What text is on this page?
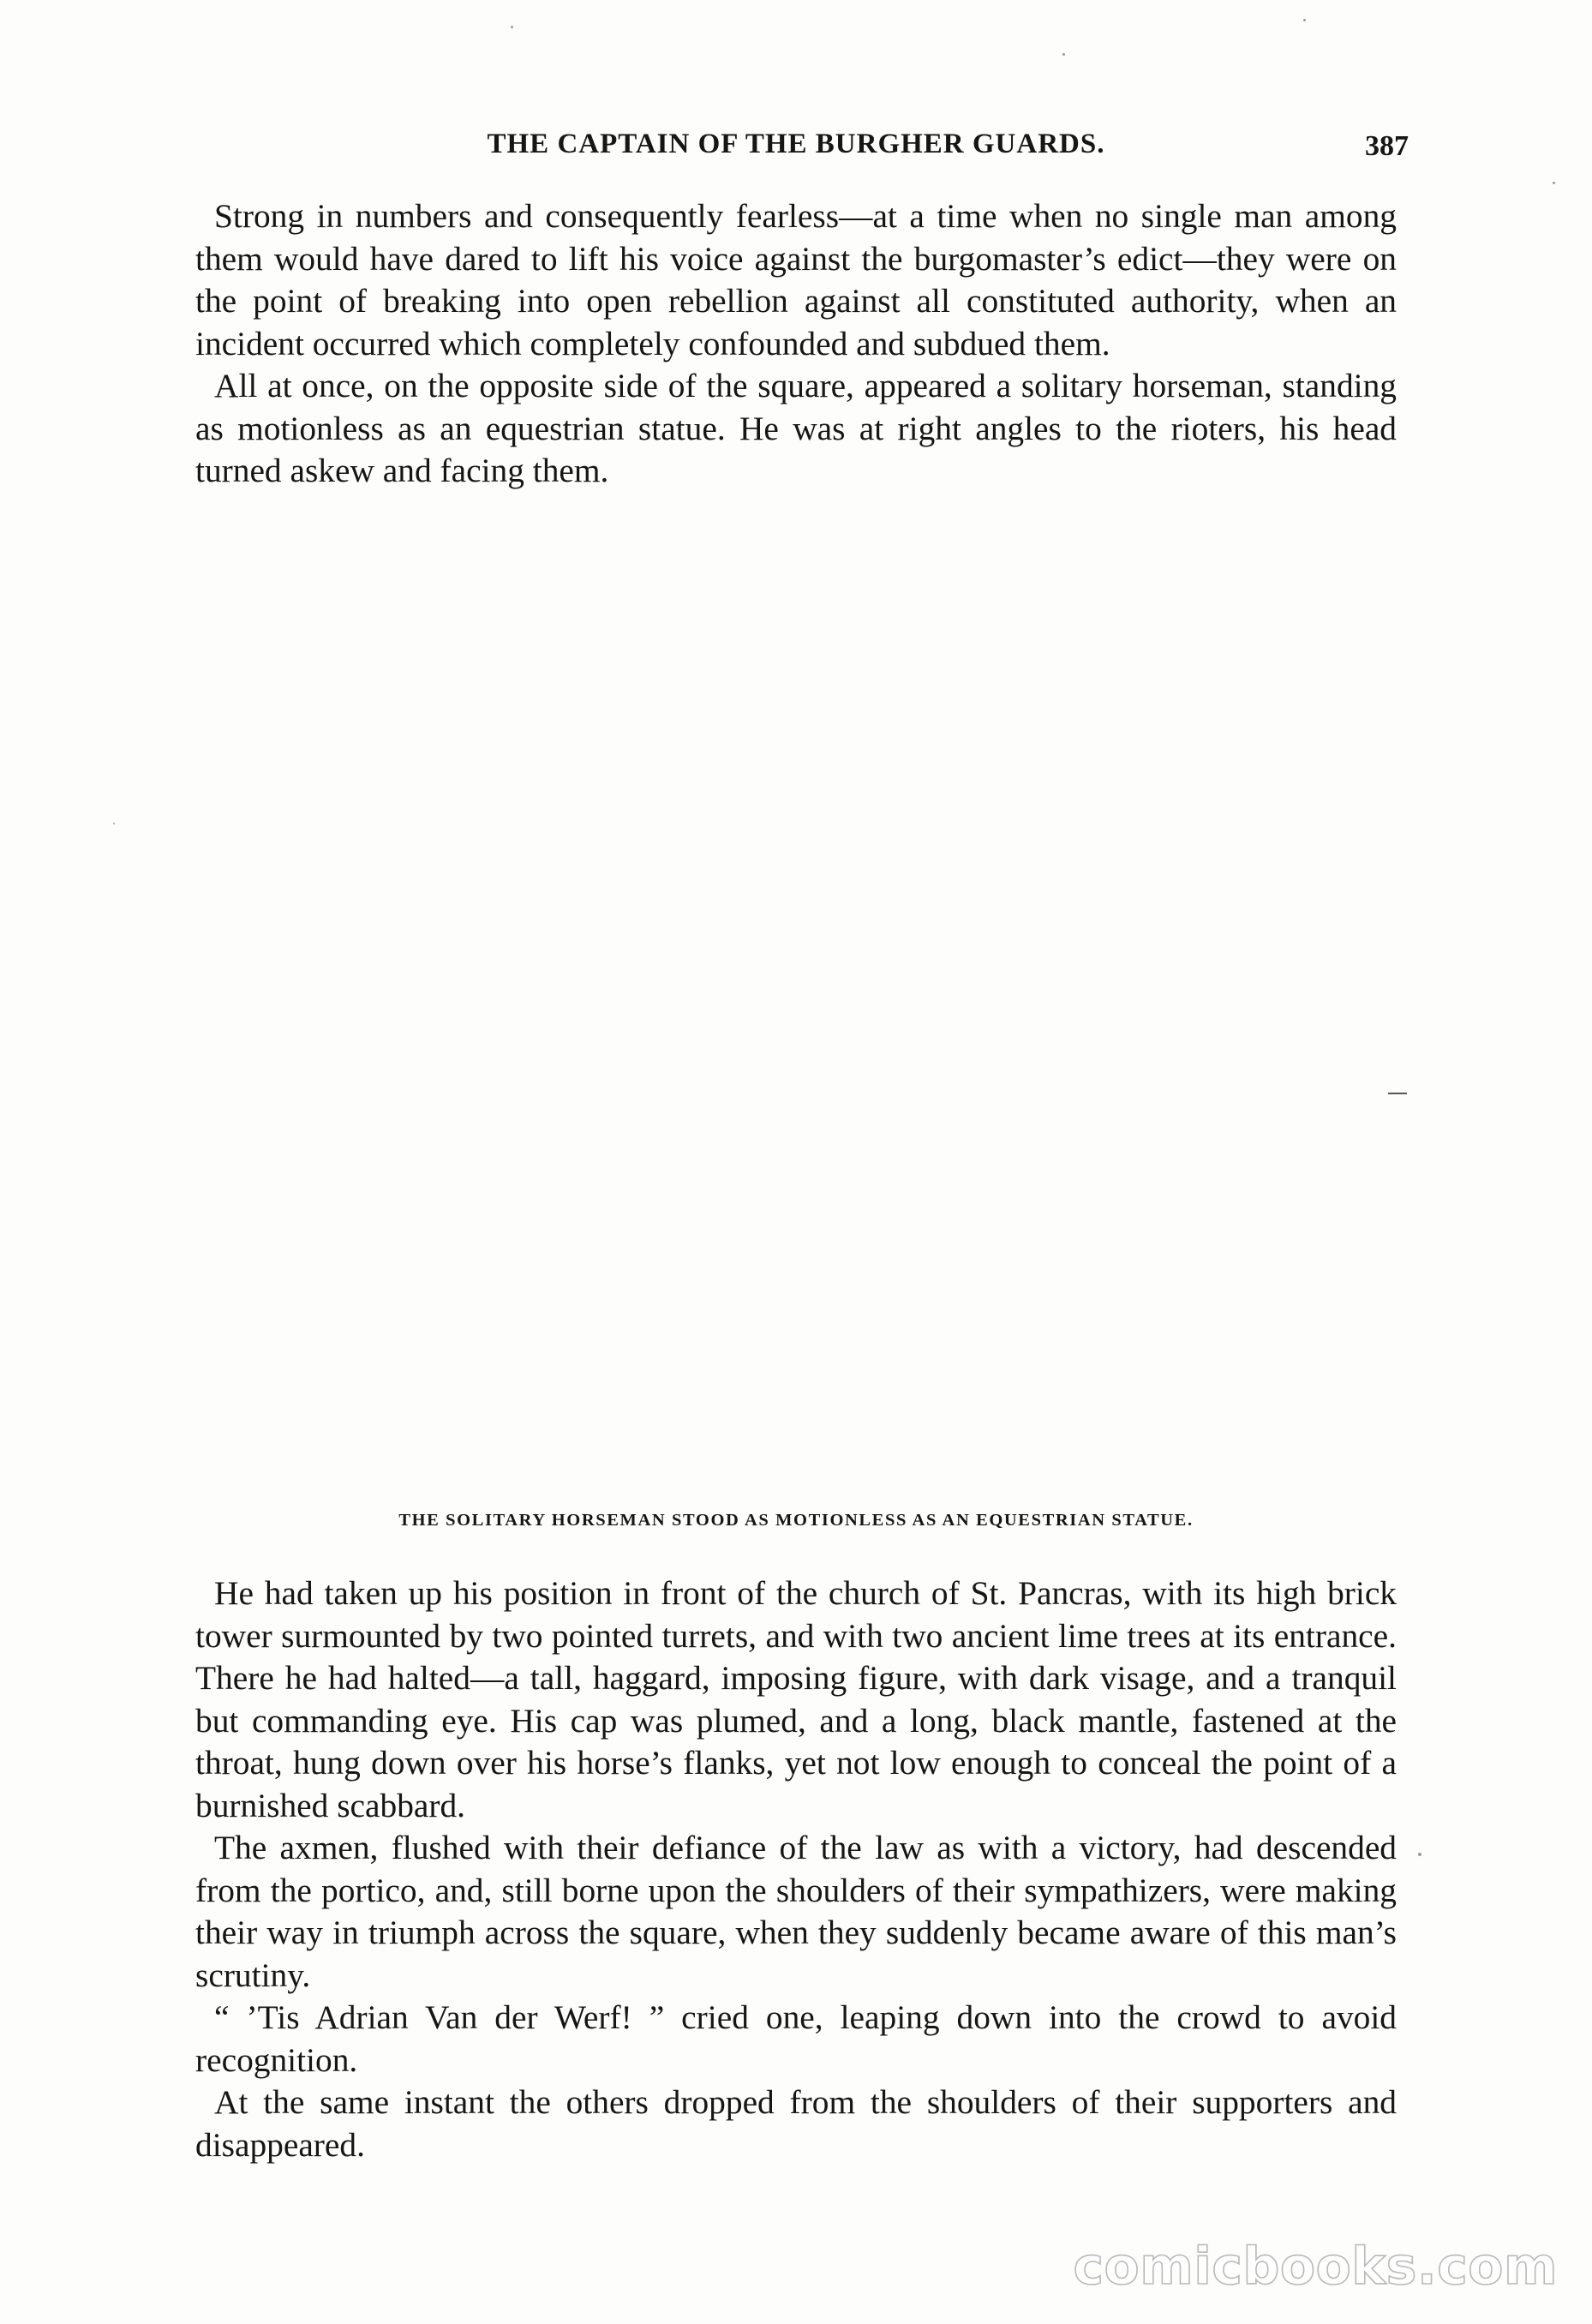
THE CAPTAIN OF THE BURGHER GUARDS.	387

Strong in numbers and consequently fearless—at a time when no single man among them would have dared to lift his voice against the burgomaster’s edict—they were on the point of breaking into open rebellion against all constituted authority, when an incident occurred which completely confounded and subdued them.

All at once, on the opposite side of the square, appeared a solitary horseman, standing as motionless as an equestrian statue. He was at right angles to the rioters, his head turned askew and facing them.

THE SOLITARY HORSEMAN STOOD AS MOTIONLESS AS AN EQUESTRIAN STATUE.

He had taken up his position in front of the church of St. Pancras, with its high brick tower surmounted by two pointed turrets, and with two ancient lime trees at its entrance. There he had halted—a tall, haggard, imposing figure, with dark visage, and a tranquil but commanding eye. His cap was plumed, and a long, black mantle, fastened at the throat, hung down over his horse’s flanks, yet not low enough to conceal the point of a burnished scabbard.

The axmen, flushed with their defiance of the law as with a victory, had descended from the portico, and, still borne upon the shoulders of their sympathizers, were making their way in triumph across the square, when they suddenly became aware of this man’s scrutiny.

“ ’Tis Adrian Van der Werf! ” cried one, leaping down into the crowd to avoid recognition.

At the same instant the others dropped from the shoulders of their supporters and disappeared.

comicbooks.com
